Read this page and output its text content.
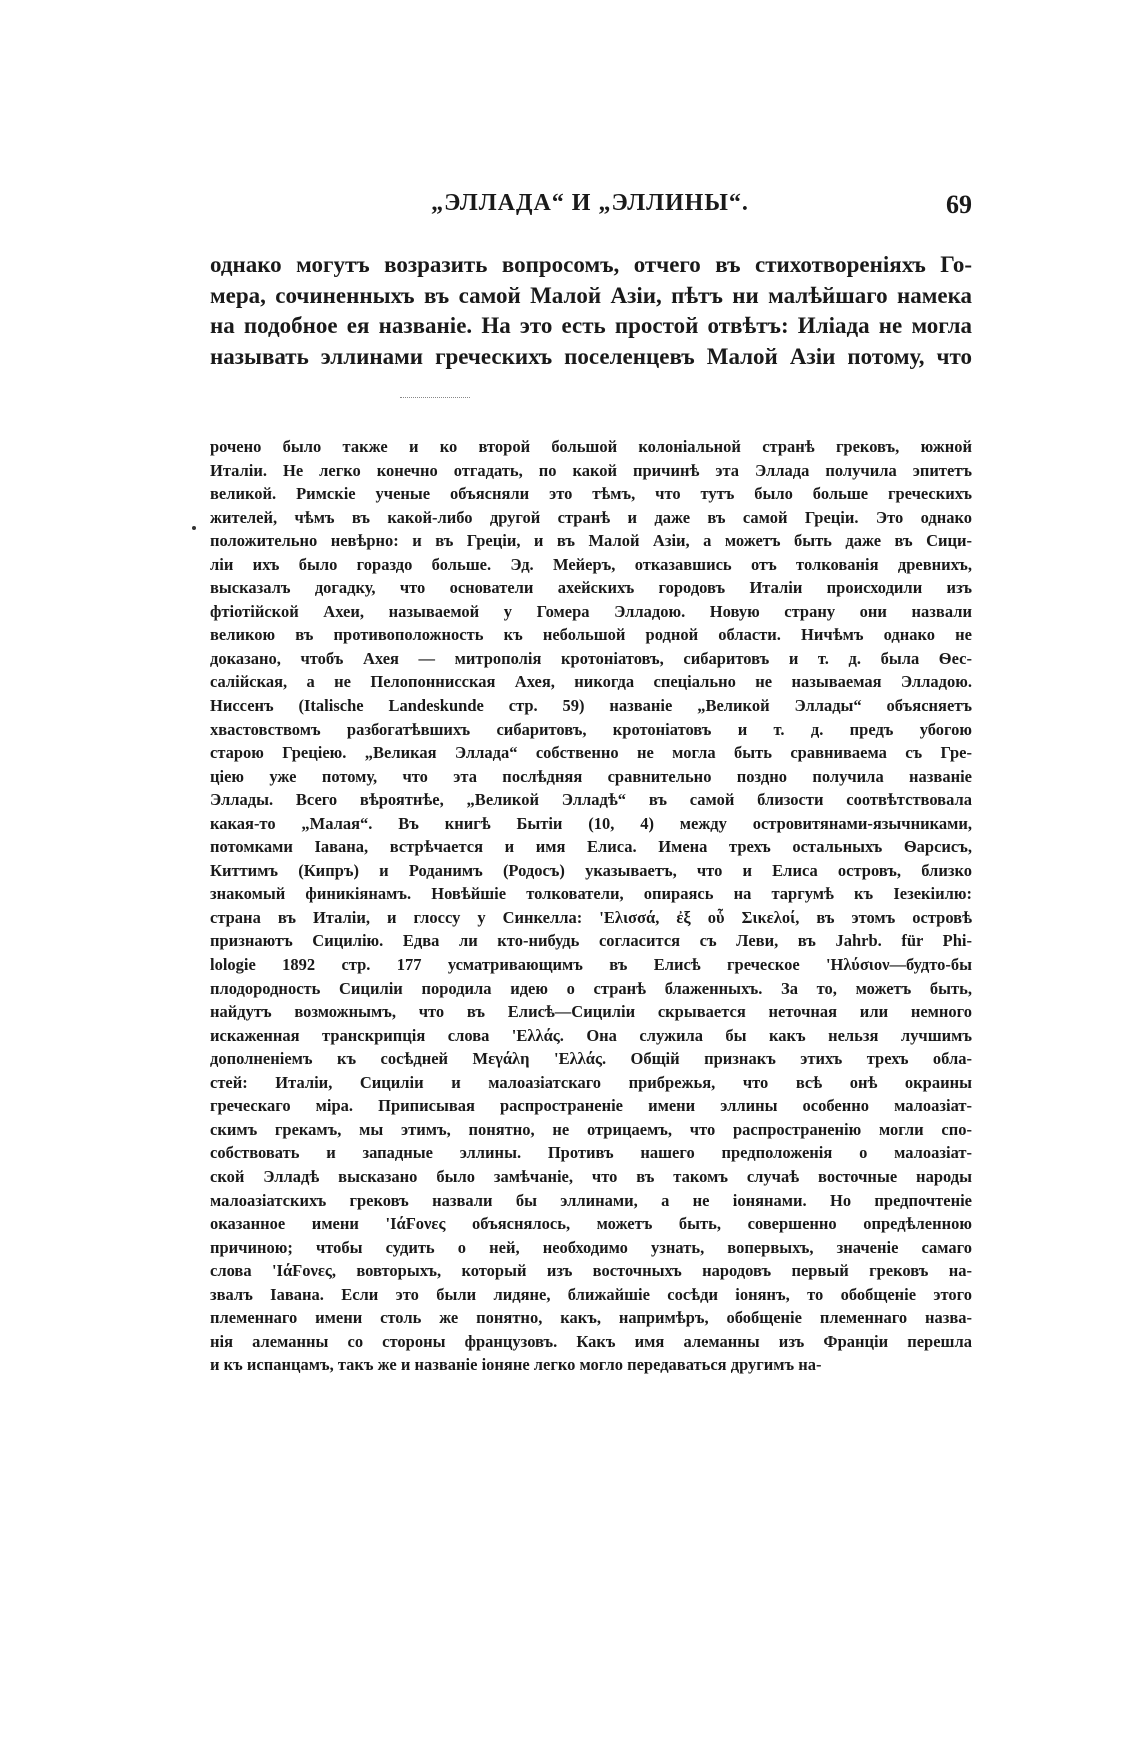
„ЭЛЛАДА“ И „ЭЛЛИНЫ“.	69
однако могутъ возразить вопросомъ, отчего въ стихотворенiяхъ Го-
мера, сочиненныхъ въ самой Малой Азiи, пѣтъ ни малѣйшаго намека
на подобное ея названiе. На это есть простой отвѣтъ: Илiада не могла
называть эллинами греческихъ поселенцевъ Малой Азiи потому, что
рочено было также и ко второй большой колонiальной странѣ грековъ, южной
Италiи. Не легко конечно отгадать, по какой причинѣ эта Эллада получила эпитетъ
великой. Римскiе ученые объясняли это тѣмъ, что тутъ было больше греческихъ
жителей, чѣмъ въ какой-либо другой странѣ и даже въ самой Грецiи. Это однако
положительно невѣрно: и въ Грецiи, и въ Малой Азiи, а можетъ быть даже въ Сици-
лiи ихъ было гораздо больше. Эд. Мейеръ, отказавшись отъ толкованiя древнихъ,
высказалъ догадку, что основатели ахейскихъ городовъ Италiи происходили изъ
фтiотiйской Ахеи, называемой у Гомера Элладою. Новую страну они назвали
великою въ противоположность къ небольшой родной области. Ничѣмъ однако не
доказано, чтобъ Ахея — митрополiя кротонiатовъ, сибаритовъ и т. д. была Ѳес-
салiйская, а не Пелопоннисская Ахея, никогда спецiально не называемая Элладою.
Ниссенъ (Italische Landeskunde стр. 59) названiе „Великой Эллады“ объясняетъ
хвастовствомъ разбогатѣвшихъ сибаритовъ, кротонiатовъ и т. д. предъ убогою
старою Грецiею. „Великая Эллада“ собственно не могла быть сравниваема съ Гре-
цiею уже потому, что эта послѣдняя сравнительно поздно получила названiе
Эллады. Всего вѣроятнѣе, „Великой Элладѣ“ въ самой близости соотвѣтствовала
какая-то „Малая“. Въ книгѣ Бытiи (10, 4) между островитянами-язычниками,
потомками Iавана, встрѣчается и имя Елиса. Имена трехъ остальныхъ Ѳарсисъ,
Киттимъ (Кипръ) и Роданимъ (Родосъ) указываетъ, что и Елиса островъ, близко
знакомый финикiянамъ. Новѣйшiе толкователи, опираясь на таргумѣ къ Iезекiилю:
страна въ Италiи, и глоссу у Синкелла: 'Ελισσά, ἐξ οὗ Σικελοί, въ этомъ островѣ
признаютъ Сицилiю. Едва ли кто-нибудь согласится съ Леви, въ Jahrb. für Phi-
lologie 1892 стр. 177 усматривающимъ въ Елисѣ греческое 'Ηλύσιον—будто-бы
плодородность Сицилiи породила идею о странѣ блаженныхъ. За то, можетъ быть,
найдутъ возможнымъ, что въ Елисѣ—Сицилiи скрывается неточная или немного
искаженная транскрипцiя слова 'Ελλάς. Она служила бы какъ нельзя лучшимъ
дополненiемъ къ сосѣдней Μεγάλη 'Ελλάς. Общiй признакъ этихъ трехъ обла-
стей: Италiи, Сицилiи и малоазiатскаго прибрежья, что всѣ онѣ окраины
греческаго мiра. Приписывая распространенiе имени эллины особенно малоазiат-
скимъ грекамъ, мы этимъ, понятно, не отрицаемъ, что распространенiю могли спо-
собствовать и западные эллины. Противъ нашего предположенiя о малоазiат-
ской Элладѣ высказано было замѣчанiе, что въ такомъ случаѣ восточные народы
малоазiатскихъ грековъ назвали бы эллинами, а не iонянами. Но предпочтенiе
оказанное имени 'ΙάϜονες объяснялось, можетъ быть, совершенно опредѣленною
причиною; чтобы судить о ней, необходимо узнать, вопервыхъ, значенiе самаго
слова 'ΙάϜονες, вовторыхъ, который изъ восточныхъ народовъ первый грековъ на-
звалъ Iавана. Если это были лидяне, ближайшiе сосѣди iонянъ, то обобщенiе этого
племеннаго имени столь же понятно, какъ, напримѣръ, обобщенiе племеннаго назва-
нiя алеманны со стороны французовъ. Какъ имя алеманны изъ Францiи перешла
и къ испанцамъ, такъ же и названiе iоняне легко могло передаваться другимъ на-
